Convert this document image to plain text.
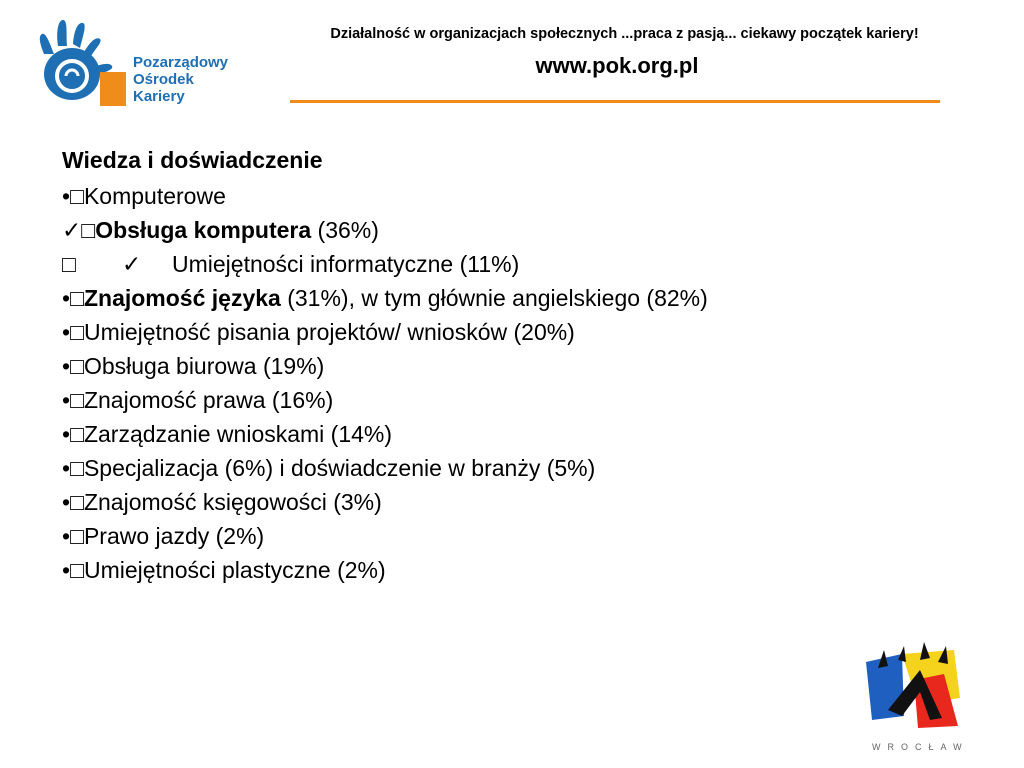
Pozarządowy
Ośrodek
Kariery
Działalność w organizacjach społecznych ...praca z pasją... ciekawy początek kariery!
www.pok.org.pl
Wiedza i doświadczenie
•□Komputerowe
✓□Obsługa komputera (36%)
□ ✓ Umiejętności informatyczne (11%)
•□Znajomość języka (31%), w tym głównie angielskiego (82%)
•□Umiejętność pisania projektów/ wniosków (20%)
•□Obsługa biurowa (19%)
•□Znajomość prawa (16%)
•□Zarządzanie wnioskami (14%)
•□Specjalizacja (6%) i doświadczenie w branży (5%)
•□Znajomość księgowości (3%)
•□Prawo jazdy (2%)
•□Umiejętności plastyczne (2%)
WROCŁAW
